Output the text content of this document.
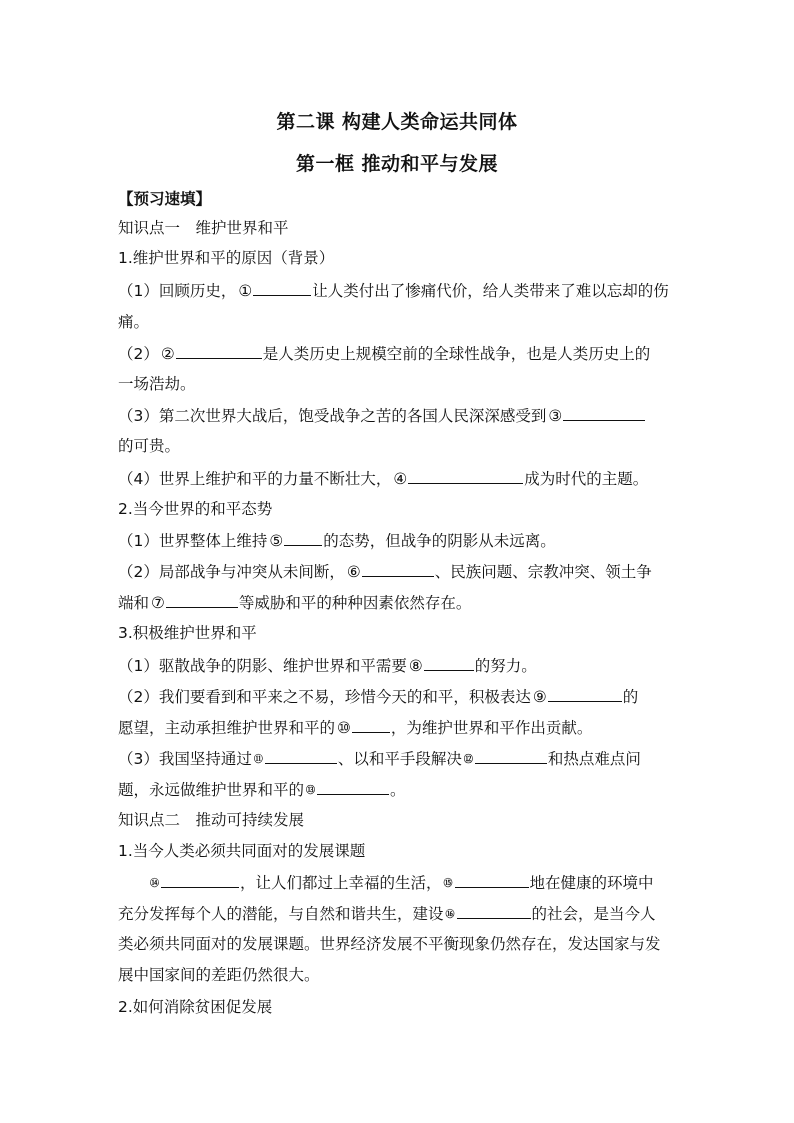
第二课 构建人类命运共同体
第一框 推动和平与发展
【预习速填】
知识点一　维护世界和平
1.维护世界和平的原因（背景）
（1）回顾历史， ①	让人类付出了惨痛代价，给人类带来了难以忘却的伤
痛。
（2） ②	是人类历史上规模空前的全球性战争，也是人类历史上的
一场浩劫。
（3）第二次世界大战后，饱受战争之苦的各国人民深深感受到 ③
的可贵。
（4）世界上维护和平的力量不断壮大， ④	成为时代的主题。
2.当今世界的和平态势
（1）世界整体上维持 ⑤	的态势，但战争的阴影从未远离。
（2）局部战争与冲突从未间断， ⑥	、民族问题、宗教冲突、领土争
端和 ⑦	等威胁和平的种种因素依然存在。
3.积极维护世界和平
（1）驱散战争的阴影、维护世界和平需要 ⑧	的努力。
（2）我们要看到和平来之不易，珍惜今天的和平，积极表达 ⑨	的
愿望，主动承担维护世界和平的 ⑩	，为维护世界和平作出贡献。
（3）我国坚持通过 ⑪	、以和平手段解决 ⑫	和热点难点问
题，永远做维护世界和平的 ⑬	。
知识点二　推动可持续发展
1.当今人类必须共同面对的发展课题
⑭	，让人们都过上幸福的生活， ⑮	地在健康的环境中
充分发挥每个人的潜能，与自然和谐共生，建设 ⑯	的社会，是当今人
类必须共同面对的发展课题。世界经济发展不平衡现象仍然存在，发达国家与发
展中国家间的差距仍然很大。
2.如何消除贫困促发展
